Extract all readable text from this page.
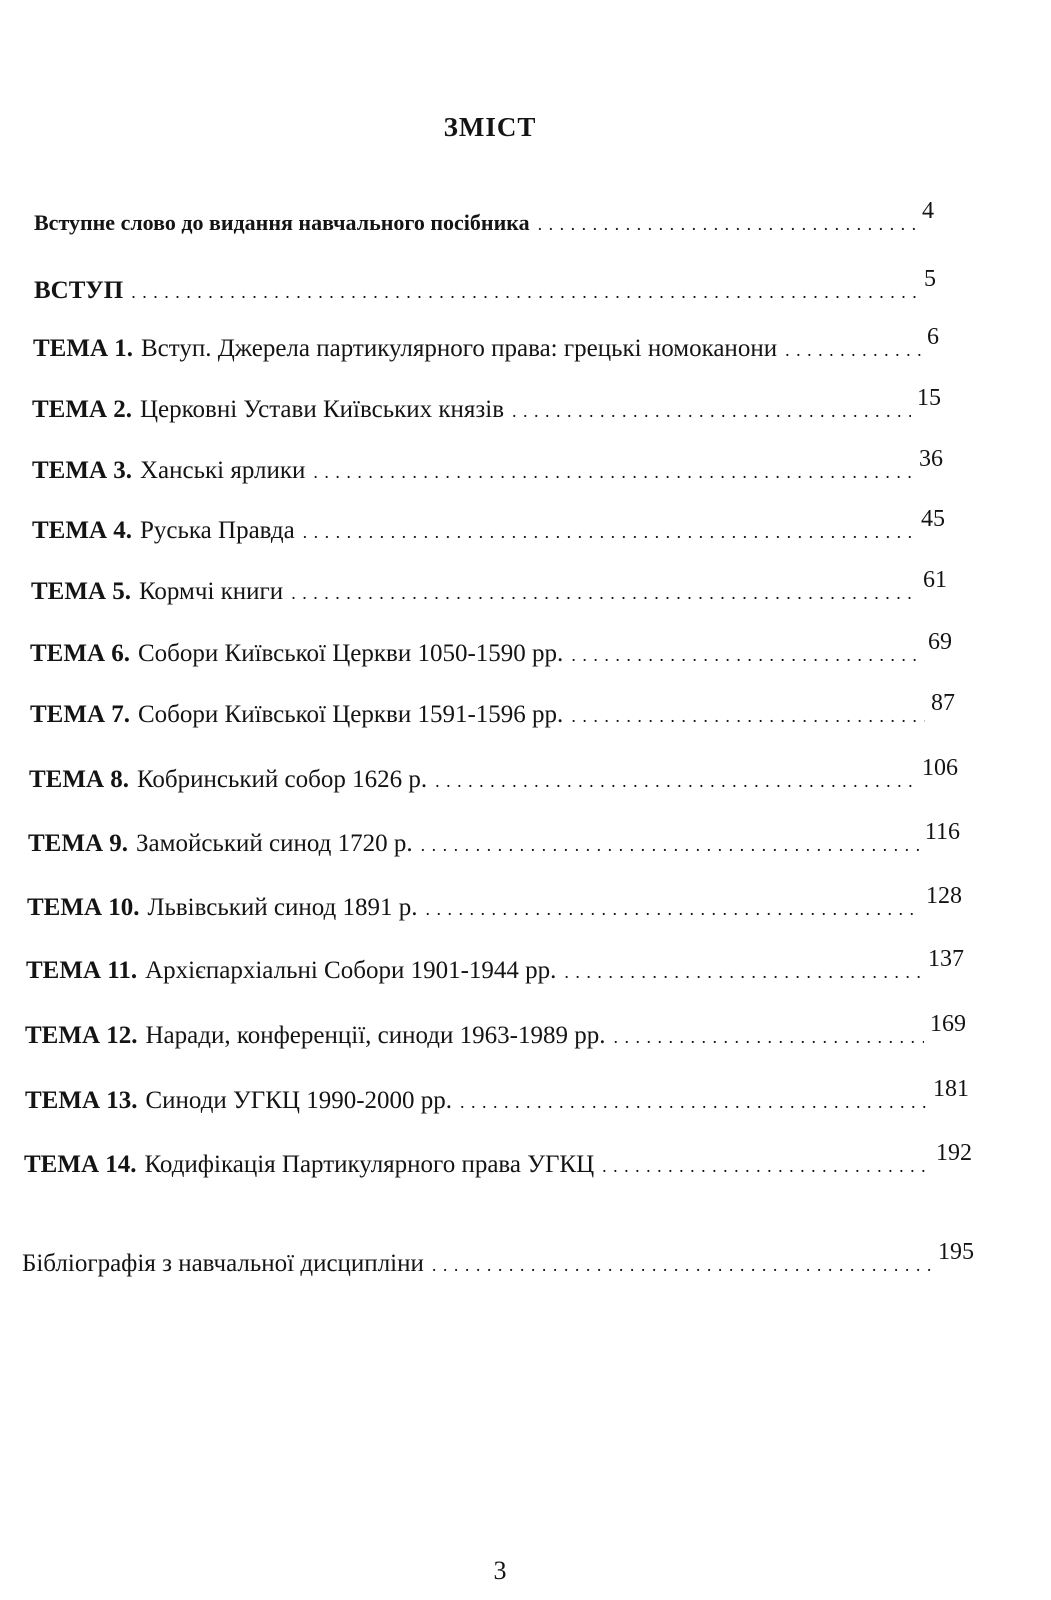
ЗМІСТ
Вступне слово до видання навчального посібника . . .	4
ВСТУП . . .	5
ТЕМА 1. Вступ. Джерела партикулярного права: грецькі номоканони . . .	6
ТЕМА 2. Церковні Устави Київських князів . . .	15
ТЕМА 3. Ханські ярлики . . .	36
ТЕМА 4. Руська Правда . . .	45
ТЕМА 5. Кормчі книги . . .	61
ТЕМА 6. Собори Київської Церкви 1050-1590 рр. . . .	69
ТЕМА 7. Собори Київської Церкви 1591-1596 рр. . . .	87
ТЕМА 8. Кобринський собор 1626 р. . . .	106
ТЕМА 9. Замойський синод 1720 р. . . .	116
ТЕМА 10. Львівський синод 1891 р. . . .	128
ТЕМА 11. Архієпархіальні Собори 1901-1944 рр. . . .	137
ТЕМА 12. Наради, конференції, синоди 1963-1989 рр. . . .	169
ТЕМА 13. Синоди УГКЦ 1990-2000 рр. . . .	181
ТЕМА 14. Кодифікація Партикулярного права УГКЦ . . .	192
Бібліографія з навчальної дисципліни . . .	195
3
